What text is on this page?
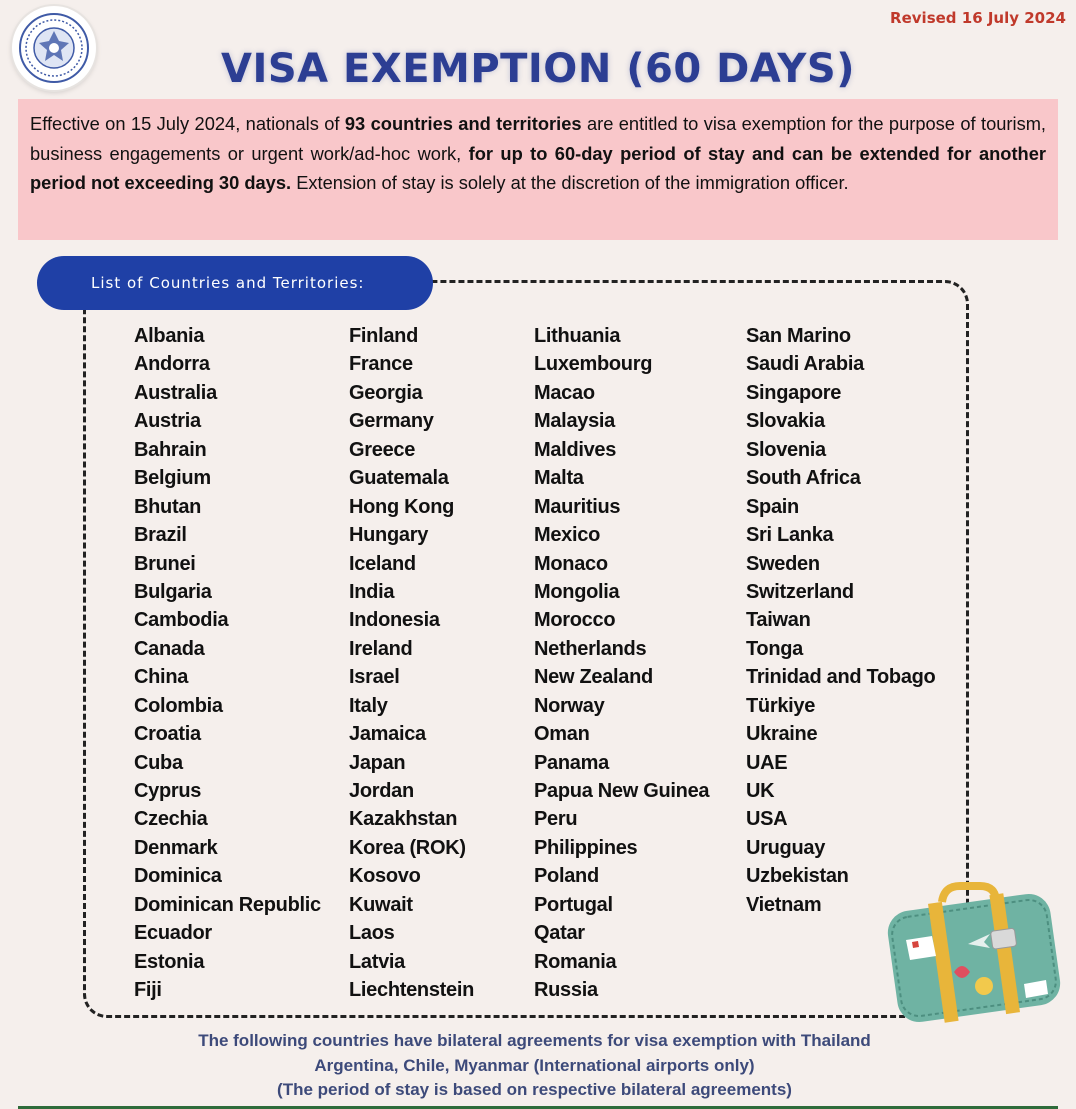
Revised 16 July 2024
VISA EXEMPTION (60 DAYS)
Effective on 15 July 2024, nationals of 93 countries and territories are entitled to visa exemption for the purpose of tourism, business engagements or urgent work/ad-hoc work, for up to 60-day period of stay and can be extended for another period not exceeding 30 days. Extension of stay is solely at the discretion of the immigration officer.
List of Countries and Territories:
Albania
Andorra
Australia
Austria
Bahrain
Belgium
Bhutan
Brazil
Brunei
Bulgaria
Cambodia
Canada
China
Colombia
Croatia
Cuba
Cyprus
Czechia
Denmark
Dominica
Dominican Republic
Ecuador
Estonia
Fiji
Finland
France
Georgia
Germany
Greece
Guatemala
Hong Kong
Hungary
Iceland
India
Indonesia
Ireland
Israel
Italy
Jamaica
Japan
Jordan
Kazakhstan
Korea (ROK)
Kosovo
Kuwait
Laos
Latvia
Liechtenstein
Lithuania
Luxembourg
Macao
Malaysia
Maldives
Malta
Mauritius
Mexico
Monaco
Mongolia
Morocco
Netherlands
New Zealand
Norway
Oman
Panama
Papua New Guinea
Peru
Philippines
Poland
Portugal
Qatar
Romania
Russia
San Marino
Saudi Arabia
Singapore
Slovakia
Slovenia
South Africa
Spain
Sri Lanka
Sweden
Switzerland
Taiwan
Tonga
Trinidad and Tobago
Türkiye
Ukraine
UAE
UK
USA
Uruguay
Uzbekistan
Vietnam
The following countries have bilateral agreements for visa exemption with Thailand
Argentina, Chile, Myanmar (International airports only)
(The period of stay is based on respective bilateral agreements)
